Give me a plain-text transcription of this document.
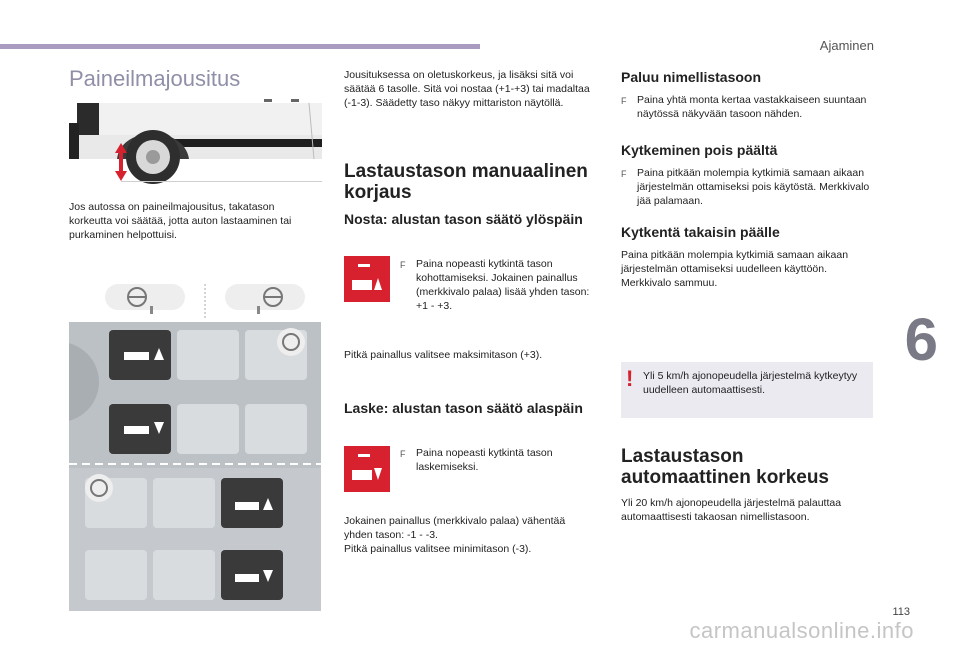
Ajaminen
6
Paineilmajousitus
Jos autossa on paineilmajousitus, takatason korkeutta voi säätää, jotta auton lastaaminen tai purkaminen helpottuisi.
Jousituksessa on oletuskorkeus, ja lisäksi sitä voi säätää 6 tasolle. Sitä voi nostaa (+1-+3) tai madaltaa (-1-3). Säädetty taso näkyy mittariston näytöllä.
Lastaustason manuaalinen korjaus
Nosta: alustan tason säätö ylöspäin
F Paina nopeasti kytkintä tason kohottamiseksi. Jokainen painallus (merkkivalo palaa) lisää yhden tason: +1 - +3.
Pitkä painallus valitsee maksimitason (+3).
Laske: alustan tason säätö alaspäin
F Paina nopeasti kytkintä tason laskemiseksi.
Jokainen painallus (merkkivalo palaa) vähentää yhden tason: -1 - -3.
Pitkä painallus valitsee minimitason (-3).
Paluu nimellistasoon
F Paina yhtä monta kertaa vastakkaiseen suuntaan näytössä näkyvään tasoon nähden.
Kytkeminen pois päältä
F Paina pitkään molempia kytkimiä samaan aikaan järjestelmän ottamiseksi pois käytöstä. Merkkivalo jää palamaan.
Kytkentä takaisin päälle
Paina pitkään molempia kytkimiä samaan aikaan järjestelmän ottamiseksi uudelleen käyttöön. Merkkivalo sammuu.
! Yli 5 km/h ajonopeudella järjestelmä kytkeytyy uudelleen automaattisesti.
Lastaustason automaattinen korkeus
Yli 20 km/h ajonopeudella järjestelmä palauttaa automaattisesti takaosan nimellistasoon.
113
carmanualsonline.info
